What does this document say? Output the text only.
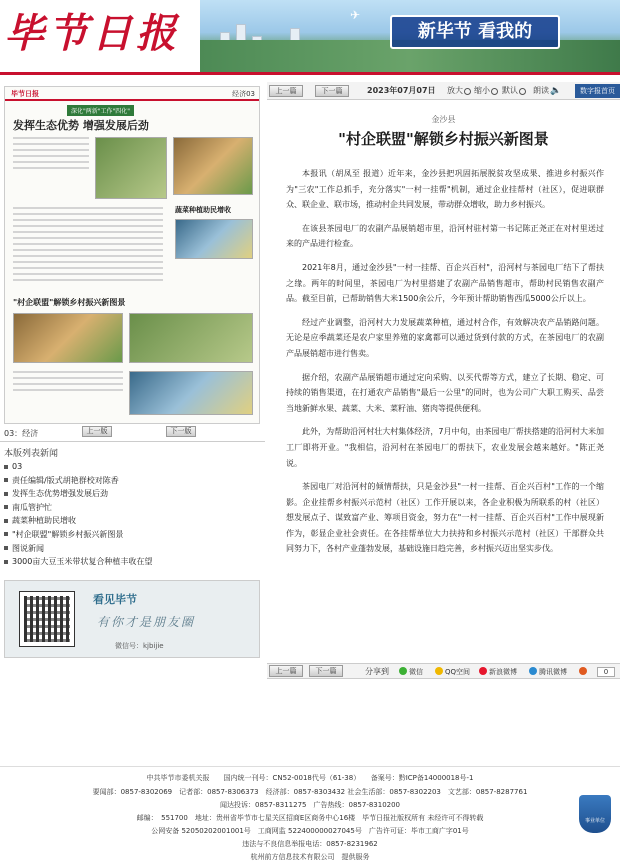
毕节日报	✈
新毕节 看我的
毕节日报	经济03
深化"两新"工作"四化"
发挥生态优势 增强发展后劲
蔬菜种植助民增收
"村企联盟"解锁乡村振兴新图景
03：经济	上一版	下一版
本版列表新闻
03
责任编辑/版式胡艳群校对陈香
发挥生态优势增强发展后劲
南瓜管护忙
蔬菜种植助民增收
"村企联盟"解锁乡村振兴新图景
图说新闻
3000亩大豆玉米带状复合种植丰收在望
看见毕节
有你才是朋友圈
微信号：kjbijie
上一篇	下一篇	2023年07月07日 放大 缩小 默认 朗读 🔈	数字报首页
金沙县
"村企联盟"解锁乡村振兴新图景

本报讯（胡凤至 报道）近年来，金沙县把巩固拓展脱贫攻坚成果、推进乡村振兴作为"三农"工作总抓手，充分落实"一村一挂帮"机制，通过企业挂帮村（社区），促进联群众、联企业、联市场，推动村企共同发展，带动群众增收，助力乡村振兴。

在该县茶园电厂的农副产品展销超市里，沿河村驻村第一书记陈正尧正在对村里送过来的产品进行检查。

2021年8月，通过金沙县"一村一挂帮、百企兴百村"，沿河村与茶园电厂结下了帮扶之缘。两年的时间里，茶园电厂为村里搭建了农副产品销售超市，帮助村民销售农副产品。截至目前，已帮助销售大米1500余公斤，今年预计帮助销售西瓜5000公斤以上。

经过产业调整，沿河村大力发展蔬菜种植，通过村合作，有效解决农产品销路问题。无论是应季蔬菜还是农户家里养殖的家禽都可以通过货到付款的方式，在茶园电厂的农副产品展销超市进行售卖。

据介绍，农副产品展销超市通过定向采购、以买代帮等方式，建立了长期、稳定、可持续的销售渠道，在打通农产品销售"最后一公里"的同时，也为公司广大职工购买、品尝当地新鲜水果、蔬菜、大米、菜籽油、猪肉等提供便利。

此外，为帮助沿河村壮大村集体经济，7月中旬，由茶园电厂帮扶搭建的沿河村大米加工厂即将开业。"我相信，沿河村在茶园电厂的帮扶下，农业发展会越来越好。"陈正尧说。

茶园电厂对沿河村的倾情帮扶，只是金沙县"一村一挂帮、百企兴百村"工作的一个缩影。企业挂帮乡村振兴示范村（社区）工作开展以来，各企业积极为所联系的村（社区）想发展点子、谋致富产业、筹项目资金，努力在"一村一挂帮、百企兴百村"工作中展现新作为，彰显企业社会责任。在各挂帮单位大力扶持和乡村振兴示范村（社区）干部群众共同努力下，各村产业蓬勃发展，基础设施日趋完善，乡村振兴迈出坚实步伐。

上一篇	下一篇	分享到	微信	QQ空间	新浪微博	腾讯微博	0
中共毕节市委机关报　　国内统一刊号：CN52-0018代号（61-38）　　备案号：黔ICP备14000018号-1
要闻部：0857-8302069　记者部：0857-8306373　经济部：0857-8303432 社会生活部：0857-8302203　文艺部：0857-8287761
闻达投诉：0857-8311275　广告热线：0857-8310200
邮编：　551700　地址：贵州省毕节市七星关区招商E区商务中心16楼　毕节日报社版权所有 未经许可不得转载
公网安备 52050202001001号　工商网监 522400000027045号　广告许可证：毕市工商广字01号
违法与不良信息举报电话：0857-8231962
杭州前方信息技术有限公司　提供服务
事业单位
